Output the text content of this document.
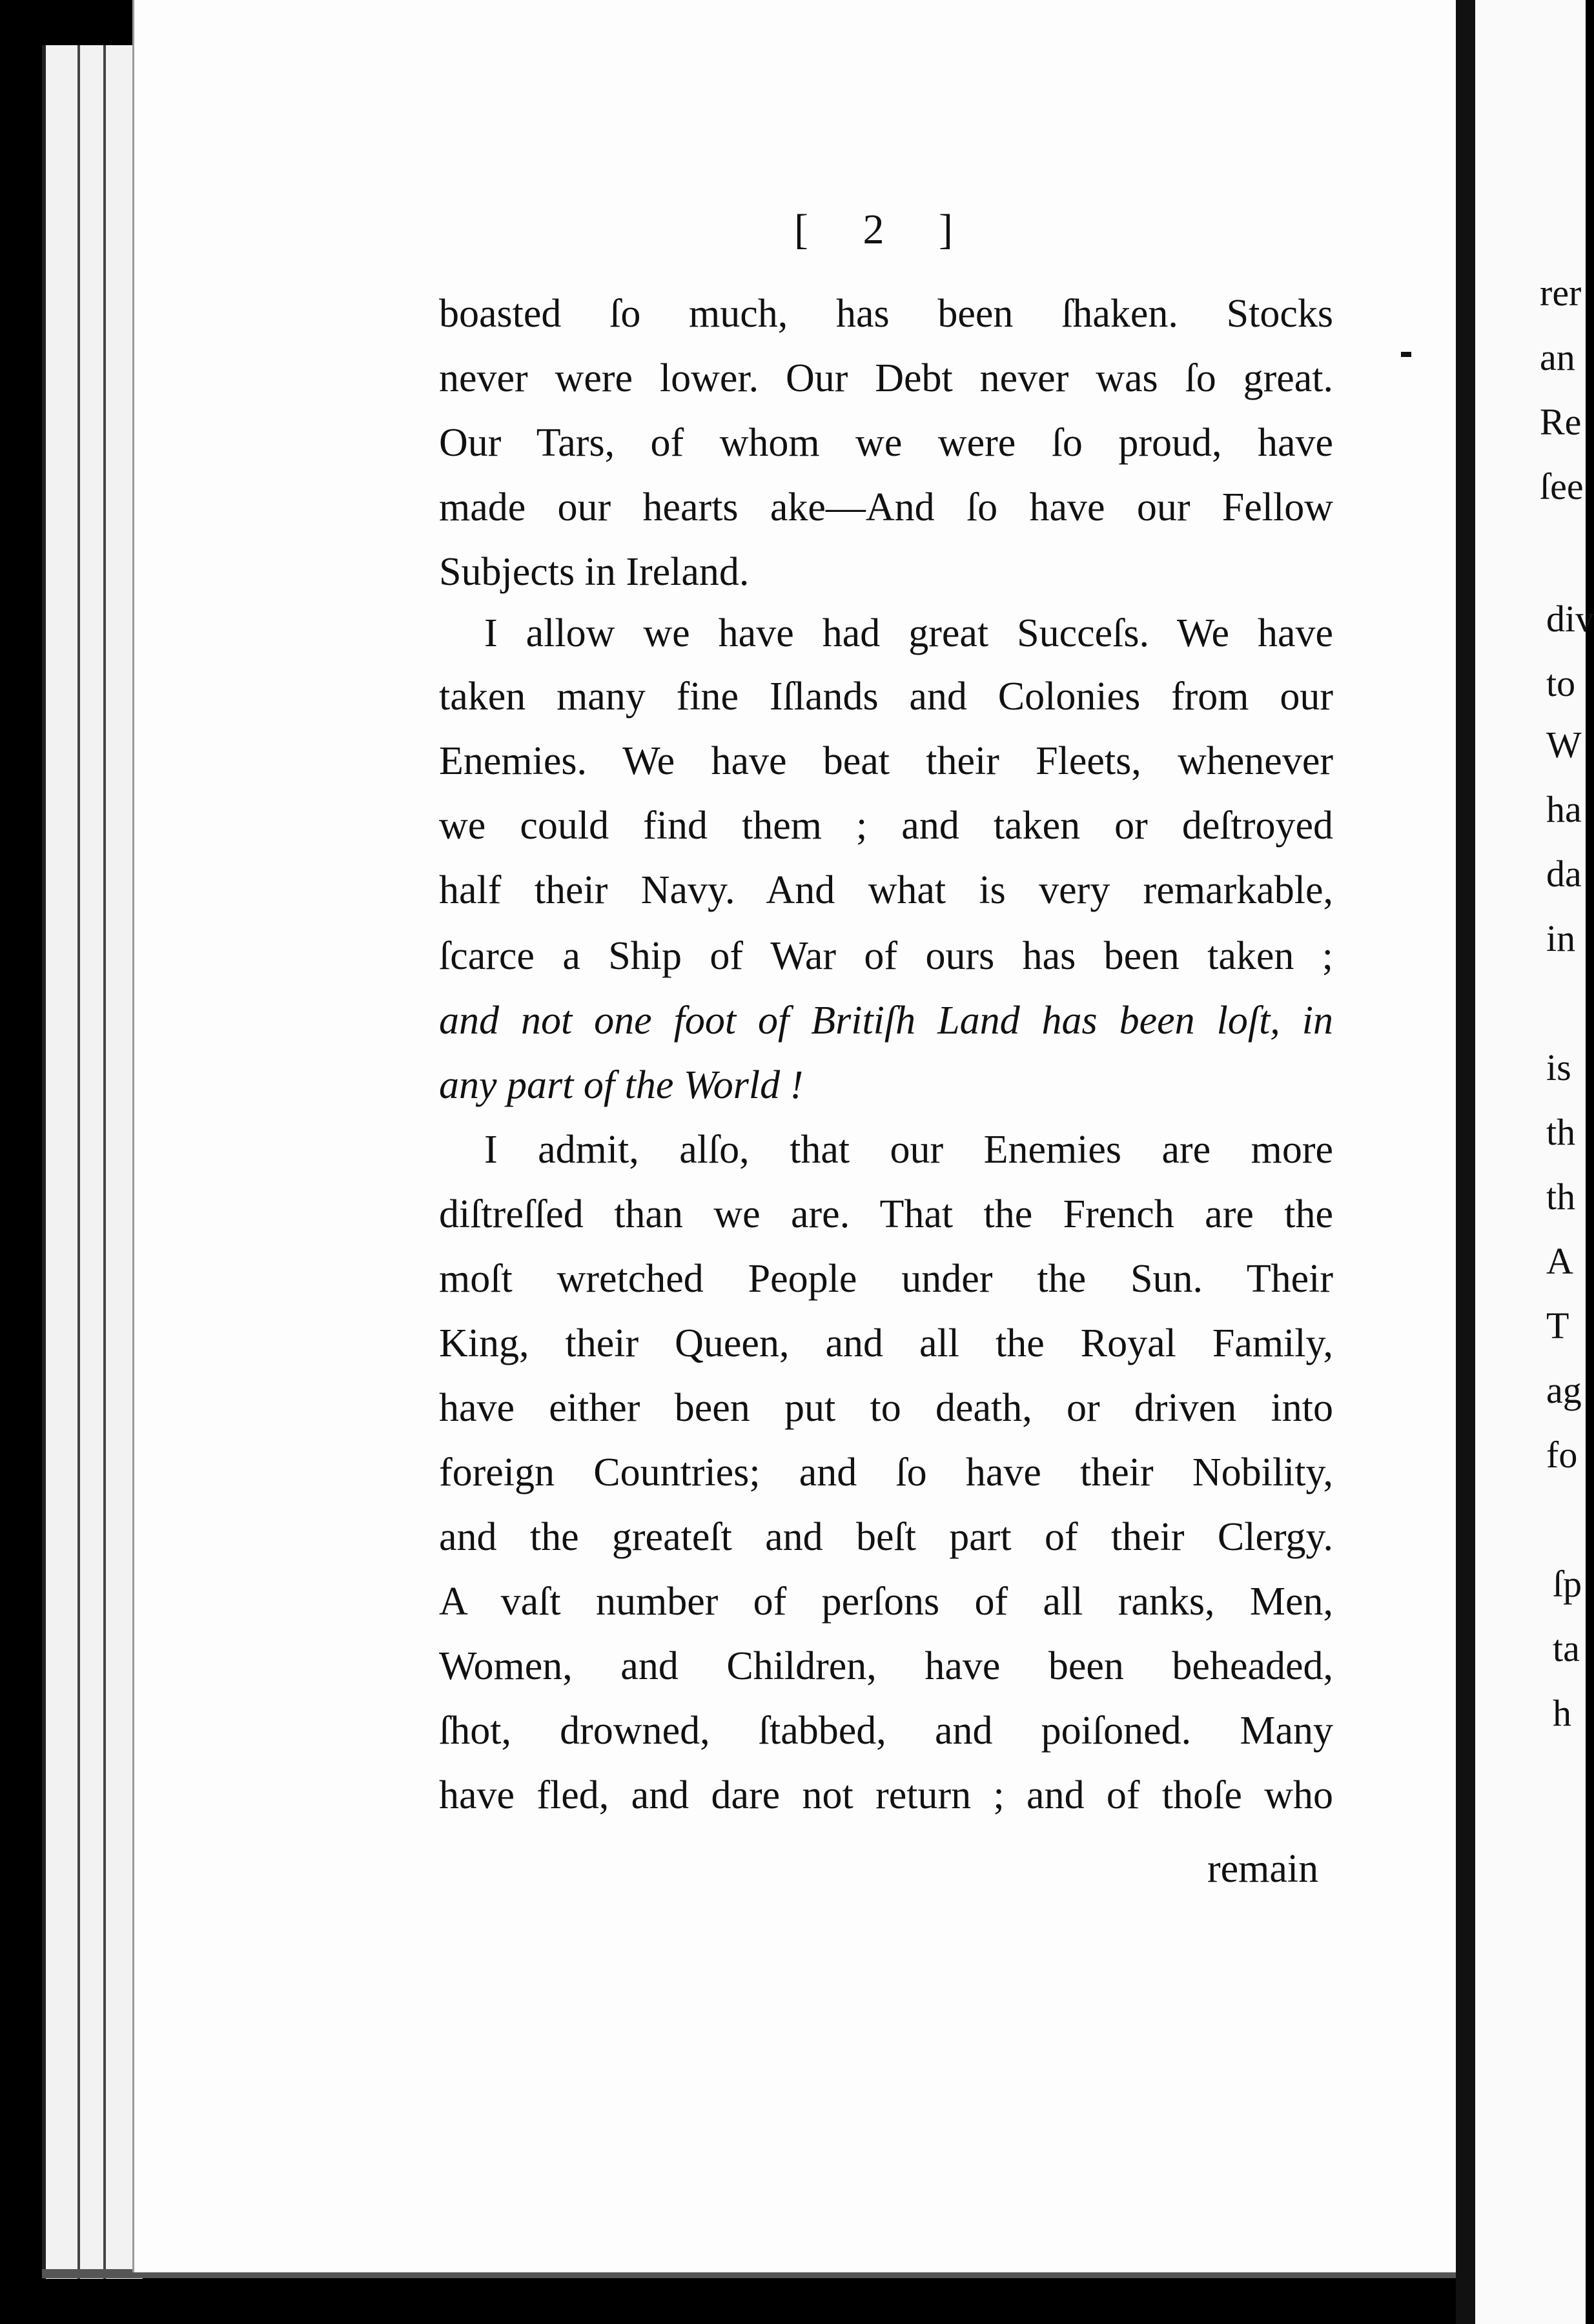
[ 2 ]
boasted ſo much, has been ſhaken. Stocks
never were lower. Our Debt never was ſo great.
Our Tars, of whom we were ſo proud, have
made our hearts ake—And ſo have our Fellow
Subjects in Ireland.
I allow we have had great Succeſs. We have
taken many fine Iſlands and Colonies from our
Enemies. We have beat their Fleets, whenever
we could find them ; and taken or deſtroyed
half their Navy. And what is very remarkable,
ſcarce a Ship of War of ours has been taken ;
and not one foot of Britiſh Land has been loſt, in
any part of the World !
I admit, alſo, that our Enemies are more
diſtreſſed than we are. That the French are the
moſt wretched People under the Sun. Their
King, their Queen, and all the Royal Family,
have either been put to death, or driven into
foreign Countries; and ſo have their Nobility,
and the greateſt and beſt part of their Clergy.
A vaſt number of perſons of all ranks, Men,
Women, and Children, have been beheaded,
ſhot, drowned, ſtabbed, and poiſoned. Many
have fled, and dare not return ; and of thoſe who
remain
rer
an
Re
ſee
div
to
W
ha
da
in
is
th
th
A
T
ag
fo
ſp
ta
h
